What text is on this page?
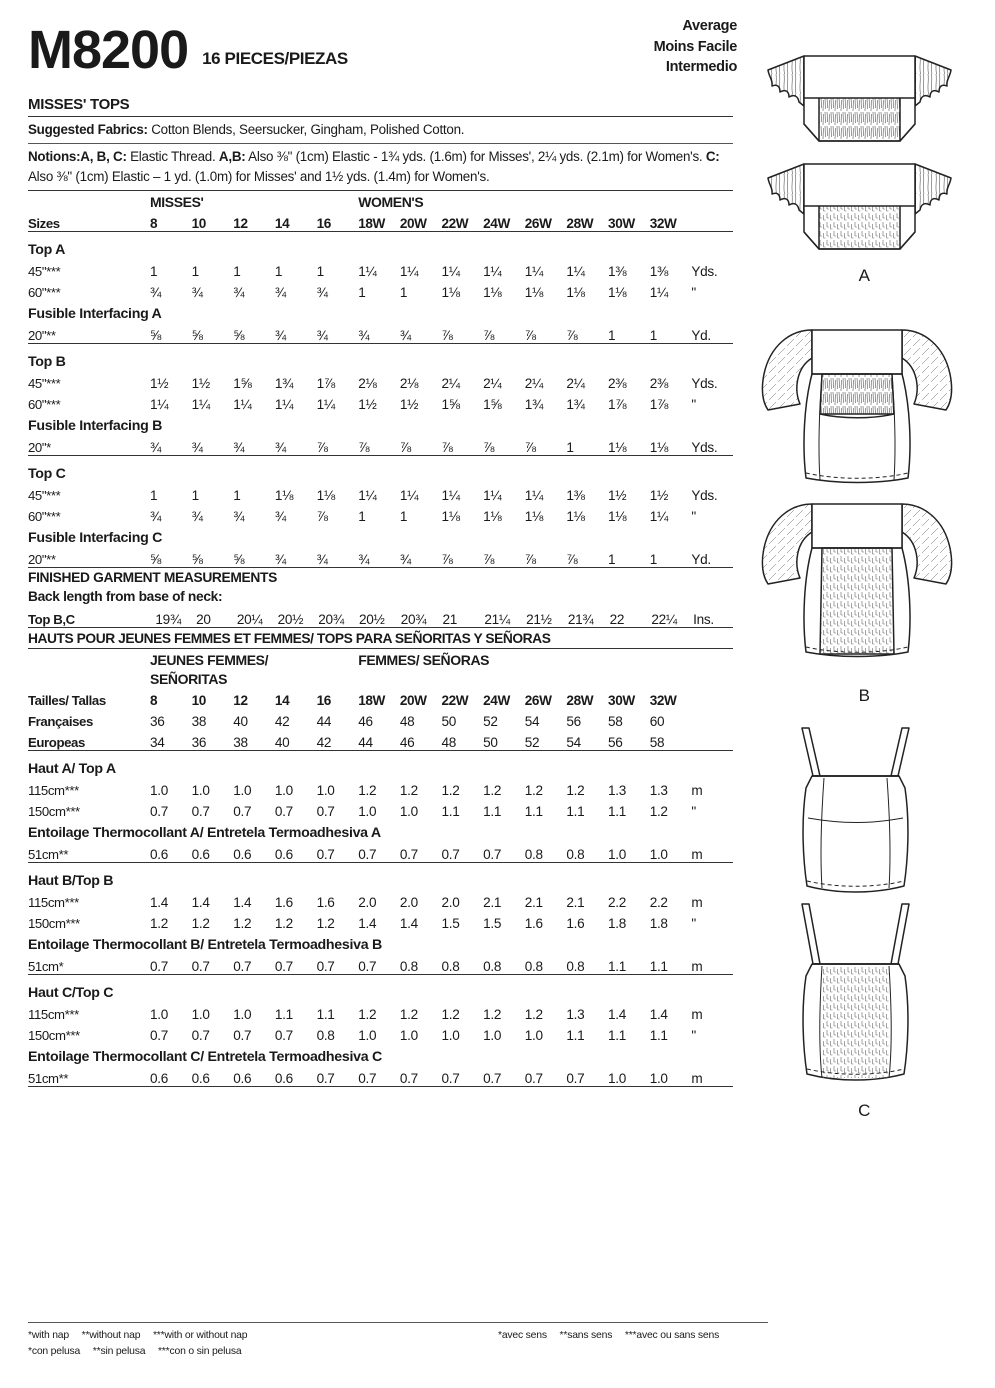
M8200 16 PIECES/PIEZAS
MISSES' TOPS
Suggested Fabrics: Cotton Blends, Seersucker, Gingham, Polished Cotton.
Notions:A, B, C: Elastic Thread. A,B: Also ⅜" (1cm) Elastic - 1¾ yds. (1.6m) for Misses', 2¼ yds. (2.1m) for Women's. C: Also ⅜" (1cm) Elastic – 1 yd. (1.0m) for Misses' and 1½ yds. (1.4m) for Women's.
	MISSES'					WOMEN'S								
Sizes	8	10	12	14	16	18W	20W	22W	24W	26W	28W	30W	32W	

Top A														
45"***	1	1	1	1	1	1¼	1¼	1¼	1¼	1¼	1¼	1⅜	1⅜	Yds.
60"***	¾	¾	¾	¾	¾	1	1	1⅛	1⅛	1⅛	1⅛	1⅛	1¼	"
Fusible Interfacing A														
20"**	⅝	⅝	⅝	¾	¾	¾	¾	⅞	⅞	⅞	⅞	1	1	Yd.

Top B														
45"***	1½	1½	1⅝	1¾	1⅞	2⅛	2⅛	2¼	2¼	2¼	2¼	2⅜	2⅜	Yds.
60"***	1¼	1¼	1¼	1¼	1¼	1½	1½	1⅝	1⅝	1¾	1¾	1⅞	1⅞	"
Fusible Interfacing B														
20"*	¾	¾	¾	¾	⅞	⅞	⅞	⅞	⅞	⅞	1	1⅛	1⅛	Yds.

Top C														
45"***	1	1	1	1⅛	1⅛	1¼	1¼	1¼	1¼	1¼	1⅜	1½	1½	Yds.
60"***	¾	¾	¾	¾	⅞	1	1	1⅛	1⅛	1⅛	1⅛	1⅛	1¼	"
Fusible Interfacing C														
20"**	⅝	⅝	⅝	¾	¾	¾	¾	⅞	⅞	⅞	⅞	1	1	Yd.
FINISHED GARMENT MEASUREMENTS
Back length from base of neck:
Top B,C	19¾	20	20¼	20½	20¾	20½	20¾	21	21¼	21½	21¾	22	22¼	Ins.
HAUTS POUR JEUNES FEMMES ET FEMMES/ TOPS PARA SEÑORITAS Y SEÑORAS
	JEUNES FEMMES/					FEMMES/ SEÑORAS								
	SEÑORITAS													
Tailles/ Tallas	8	10	12	14	16	18W	20W	22W	24W	26W	28W	30W	32W	
Françaises	36	38	40	42	44	46	48	50	52	54	56	58	60	
Europeas	34	36	38	40	42	44	46	48	50	52	54	56	58	

Haut A/ Top A														
115cm***	1.0	1.0	1.0	1.0	1.0	1.2	1.2	1.2	1.2	1.2	1.2	1.3	1.3	m
150cm***	0.7	0.7	0.7	0.7	0.7	1.0	1.0	1.1	1.1	1.1	1.1	1.1	1.2	"
Entoilage Thermocollant A/ Entretela Termoadhesiva A														
51cm**	0.6	0.6	0.6	0.6	0.7	0.7	0.7	0.7	0.7	0.8	0.8	1.0	1.0	m

Haut B/Top B														
115cm***	1.4	1.4	1.4	1.6	1.6	2.0	2.0	2.0	2.1	2.1	2.1	2.2	2.2	m
150cm***	1.2	1.2	1.2	1.2	1.2	1.4	1.4	1.5	1.5	1.6	1.6	1.8	1.8	"
Entoilage Thermocollant B/ Entretela Termoadhesiva B														
51cm*	0.7	0.7	0.7	0.7	0.7	0.7	0.8	0.8	0.8	0.8	0.8	1.1	1.1	m

Haut C/Top C														
115cm***	1.0	1.0	1.0	1.1	1.1	1.2	1.2	1.2	1.2	1.2	1.3	1.4	1.4	m
150cm***	0.7	0.7	0.7	0.7	0.8	1.0	1.0	1.0	1.0	1.0	1.1	1.1	1.1	"
Entoilage Thermocollant C/ Entretela Termoadhesiva C														
51cm**	0.6	0.6	0.6	0.6	0.7	0.7	0.7	0.7	0.7	0.7	0.7	1.0	1.0	m
A
B
C
Average
Moins Facile
Intermedio
*with nap **without nap ***with or without nap
*con pelusa **sin pelusa ***con o sin pelusa
*avec sens **sans sens ***avec ou sans sens
